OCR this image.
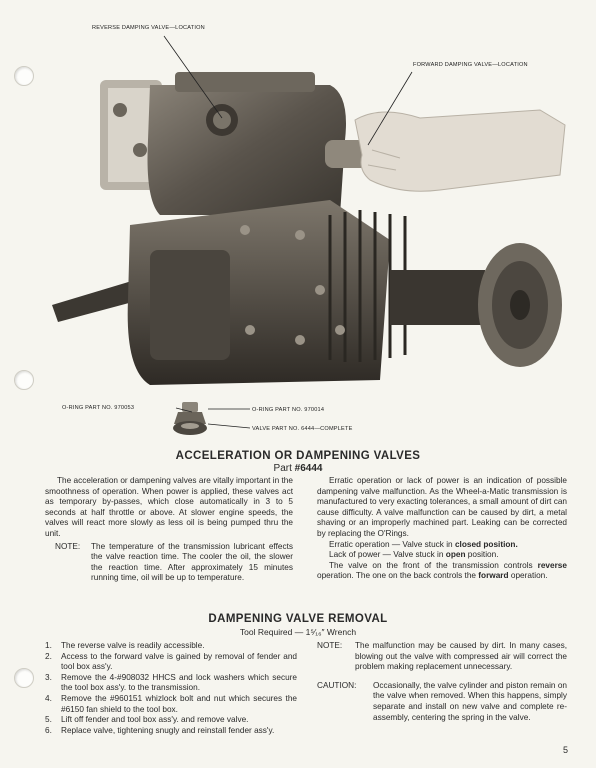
REVERSE DAMPING VALVE—LOCATION
FORWARD DAMPING VALVE—LOCATION
O-RING PART NO. 970053	O-RING PART NO. 970014
VALVE PART NO. 6444—COMPLETE
ACCELERATION OR DAMPENING VALVES
Part #6444

The acceleration or dampening valves are vitally important in the smoothness of operation. When power is applied, these valves act as temporary by-passes, which close automatically in 3 to 5 seconds at half throttle or above. At slower engine speeds, the valves will react more slowly as less oil is being pumped thru the unit.

NOTE:	The temperature of the transmission lubricant effects the valve reaction time. The cooler the oil, the slower the reaction time. After approximately 15 minutes running time, oil will be up to temperature.

Erratic operation or lack of power is an indication of possible dampening valve malfunction. As the Wheel-a-Matic transmission is manufactured to very exacting tolerances, a small amount of dirt can cause difficulty. A valve malfunction can be caused by dirt, a metal shaving or an improperly machined part. Leaking can be corrected by replacing the O'Rings.

Erratic operation — Valve stuck in closed position.

Lack of power — Valve stuck in open position.

The valve on the front of the transmission controls reverse operation. The one on the back controls the forward operation.

DAMPENING VALVE REMOVAL
Tool Required — 1⁵⁄₁₆″ Wrench
1.	The reverse valve is readily accessible.
2.	Access to the forward valve is gained by removal of fender and tool box ass'y.
3.	Remove the 4-#908032 HHCS and lock washers which secure the tool box ass'y. to the transmission.
4.	Remove the #960151 whizlock bolt and nut which secures the #6150 fan shield to the tool box.
5.	Lift off fender and tool box ass'y. and remove valve.
6.	Replace valve, tightening snugly and reinstall fender ass'y.
NOTE:	The malfunction may be caused by dirt. In many cases, blowing out the valve with compressed air will correct the problem making replacement unnecessary.
CAUTION:	Occasionally, the valve cylinder and piston remain on the valve when removed. When this happens, simply separate and install on new valve and complete re-assembly, centering the spring in the valve.
5
